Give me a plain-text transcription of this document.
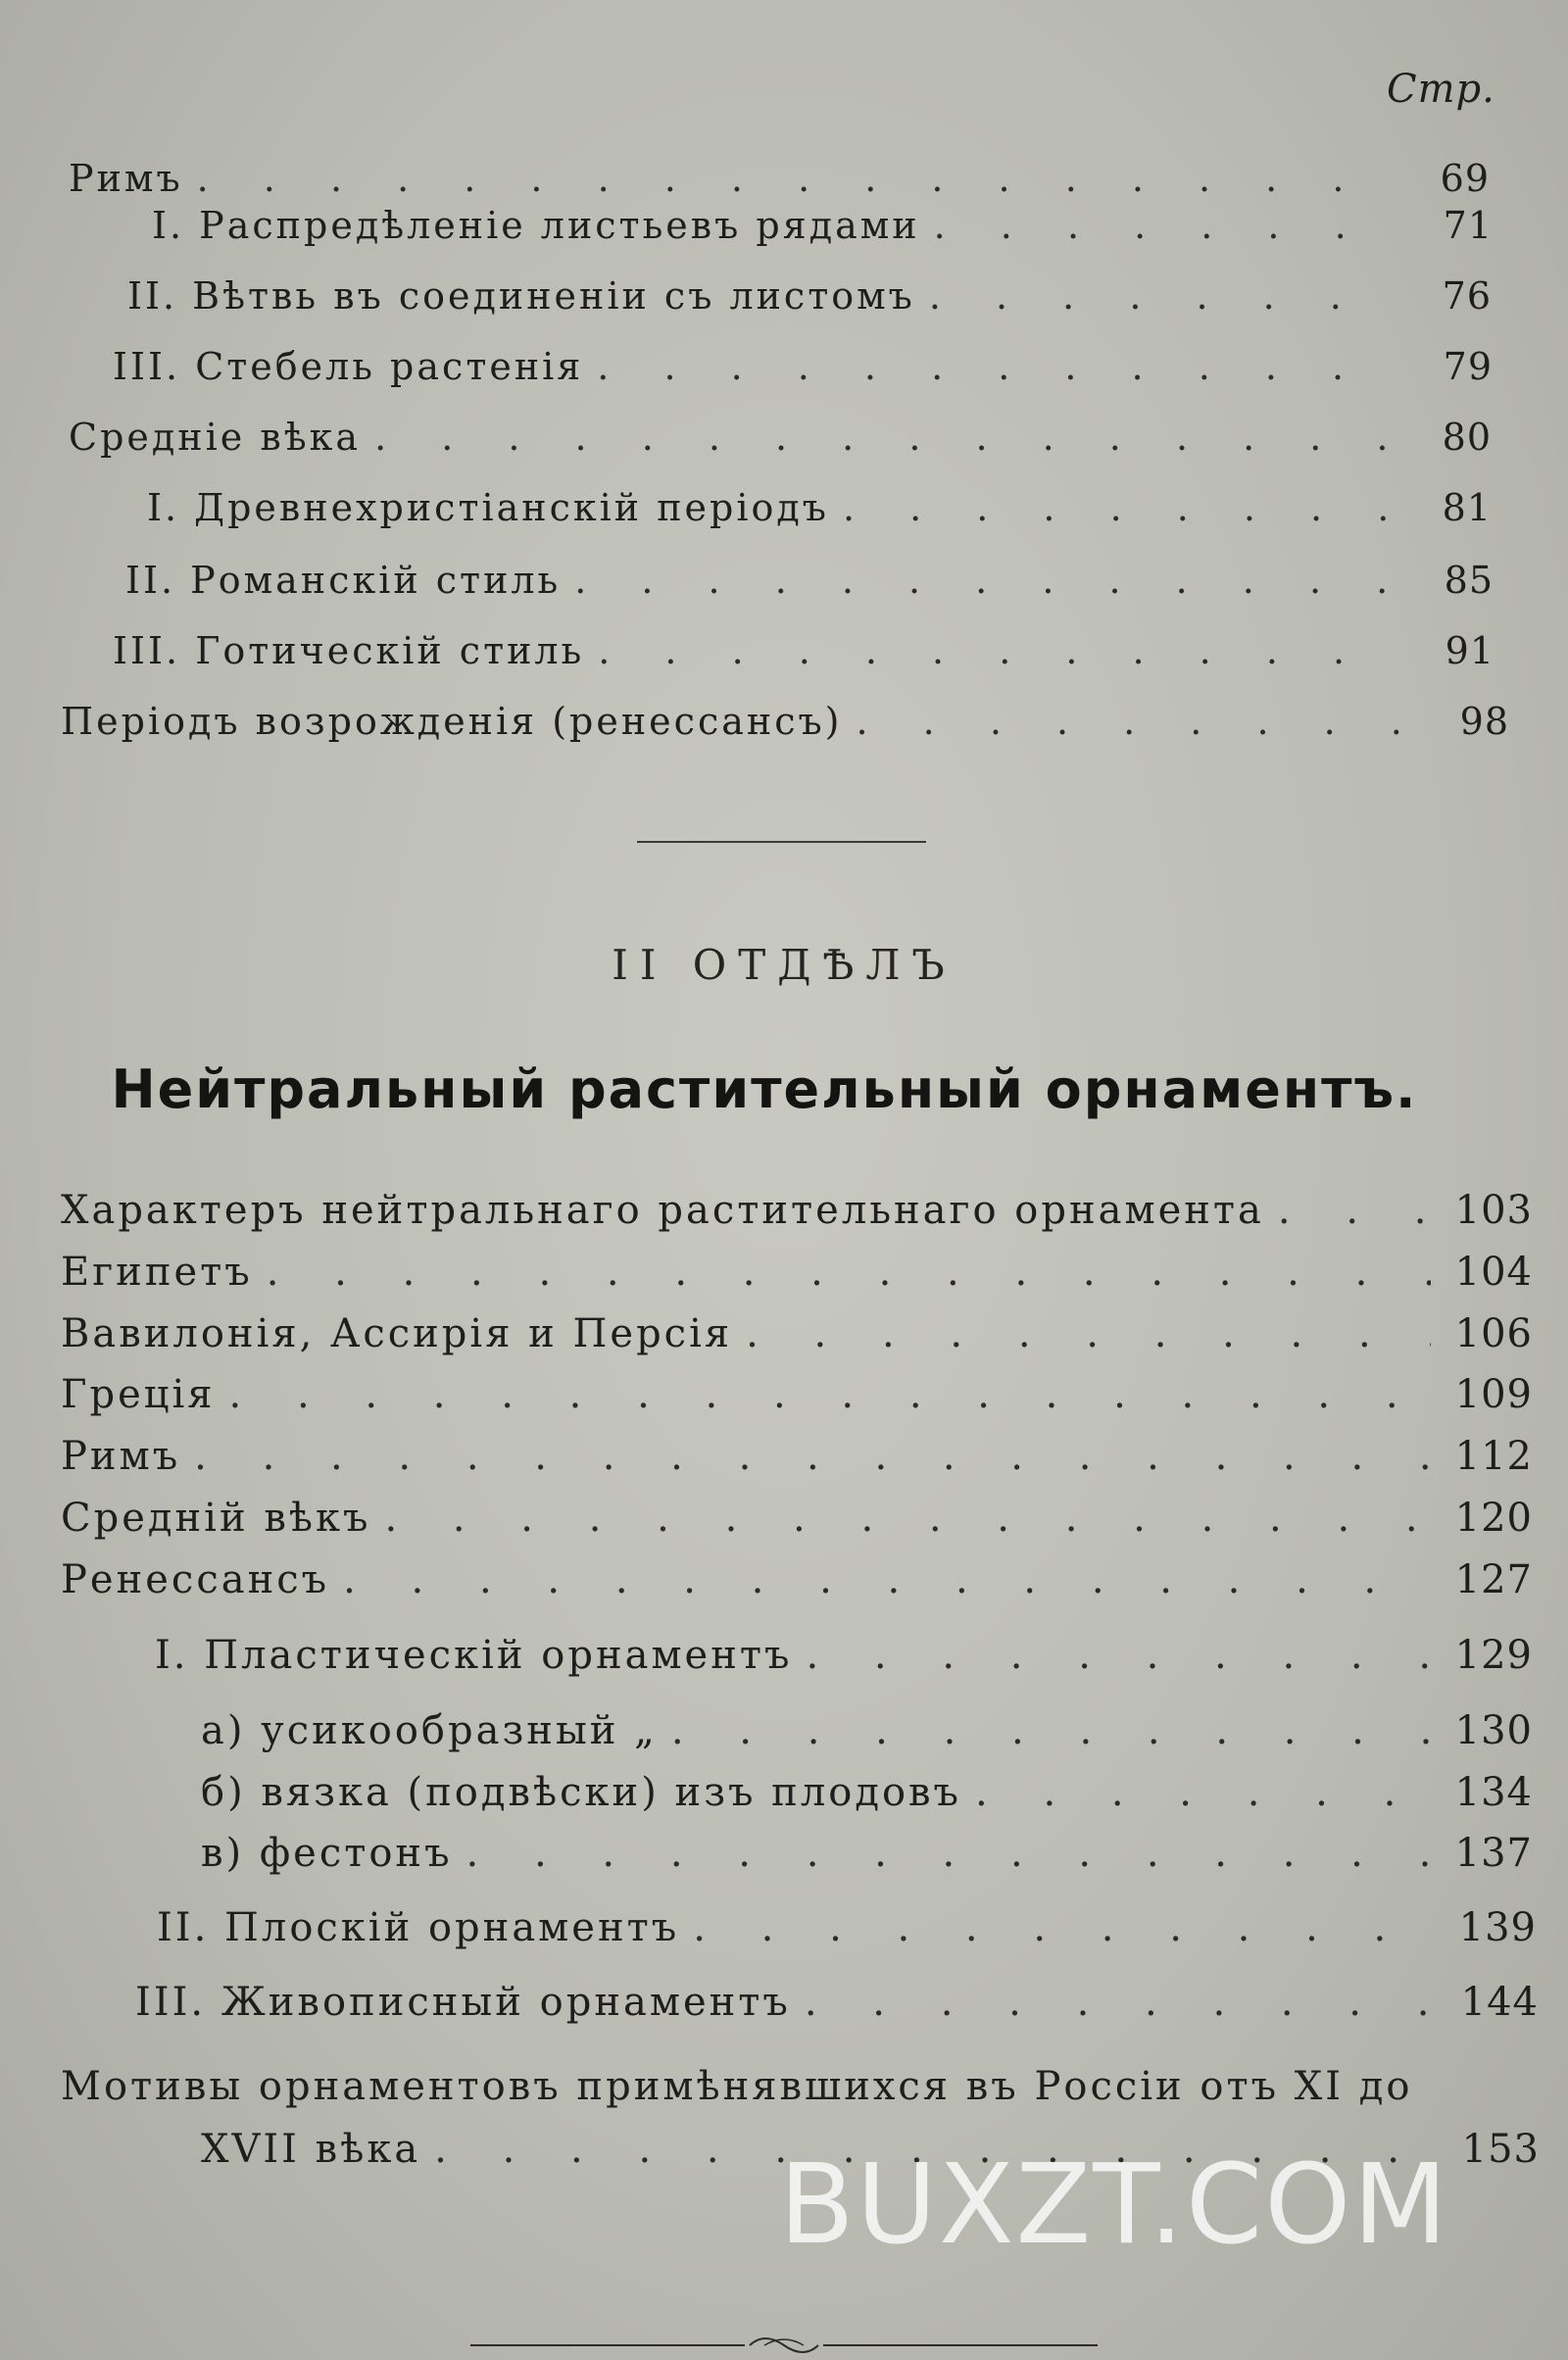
Стр.
Римъ . . .	69
I. Распредѣленіе листьевъ рядами . . .	71
II. Вѣтвь въ соединеніи съ листомъ . . .	76
III. Стебель растенія . . .	79
Средніе вѣка . . .	80
I. Древнехристіанскій періодъ . . .	81
II. Романскій стиль . . .	85
III. Готическій стиль . . .	91
Періодъ возрожденія (ренессансъ) . . .	98
II ОТДѢЛЪ
Нейтральный растительный орнаментъ.
Характеръ нейтральнаго растительнаго орнамента . . .	103
Египетъ . . .	104
Вавилонія, Ассирія и Персія . . .	106
Греція . . .	109
Римъ . . .	112
Средній вѣкъ . . .	120
Ренессансъ . . .	127
I. Пластическій орнаментъ . . .	129
а) усикообразный „ . . .	130
б) вязка (подвѣски) изъ плодовъ . . .	134
в) фестонъ . . .	137
II. Плоскій орнаментъ . . .	139
III. Живописный орнаментъ . . .	144
Мотивы орнаментовъ примѣнявшихся въ Россіи отъ XI до
XVII вѣка . . .	153
BUXZT.COM
